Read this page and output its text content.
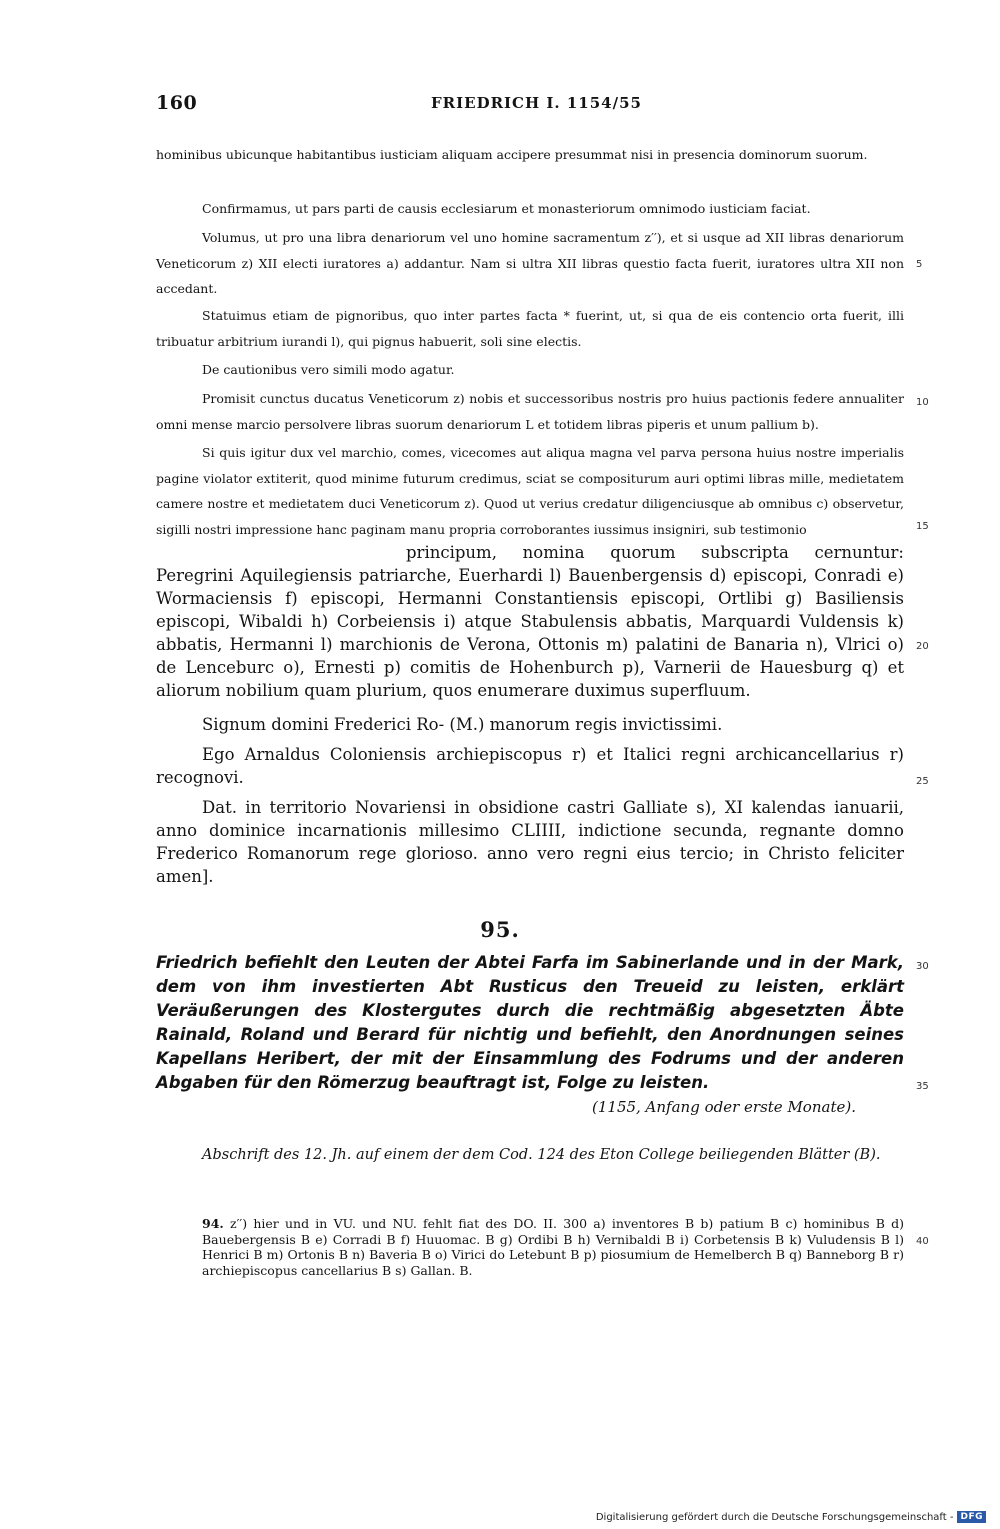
160	FRIEDRICH I. 1154/55

hominibus ubicunque habitantibus iusticiam aliquam accipere presummat nisi in presencia dominorum suorum.

Confirmamus, ut pars parti de causis ecclesiarum et monasteriorum omnimodo iusticiam faciat.

Volumus, ut pro una libra denariorum vel uno homine sacramentum z′′), et si usque ad XII libras denariorum Veneticorum z) XII electi iuratores a) addantur. Nam si ultra XII libras questio facta fuerit, iuratores ultra XII non accedant.

Statuimus etiam de pignoribus, quo inter partes facta * fuerint, ut, si qua de eis contencio orta fuerit, illi tribuatur arbitrium iurandi l), qui pignus habuerit, soli sine electis.

De cautionibus vero simili modo agatur.

Promisit cunctus ducatus Veneticorum z) nobis et successoribus nostris pro huius pactionis federe annualiter omni mense marcio persolvere libras suorum denariorum L et totidem libras piperis et unum pallium b).

Si quis igitur dux vel marchio, comes, vicecomes aut aliqua magna vel parva persona huius nostre imperialis pagine violator extiterit, quod minime futurum credimus, sciat se compositurum auri optimi libras mille, medietatem camere nostre et medietatem duci Veneticorum z). Quod ut verius credatur diligenciusque ab omnibus c) observetur, sigilli nostri impressione hanc paginam manu propria corroborantes iussimus insigniri, sub testimonio

principum, nomina quorum subscripta cernuntur: Peregrini Aquilegiensis patriarche, Euerhardi l) Bauenbergensis d) episcopi, Conradi e) Wormaciensis f) episcopi, Hermanni Constantiensis episcopi, Ortlibi g) Basiliensis episcopi, Wibaldi h) Corbeiensis i) atque Stabulensis abbatis, Marquardi Vuldensis k) abbatis, Hermanni l) marchionis de Verona, Ottonis m) palatini de Banaria n), Vlrici o) de Lenceburc o), Ernesti p) comitis de Hohenburch p), Varnerii de Hauesburg q) et aliorum nobilium quam plurium, quos enumerare duximus superfluum.

Signum domini Frederici Ro- (M.) manorum regis invictissimi.

Ego Arnaldus Coloniensis archiepiscopus r) et Italici regni archicancellarius r) recognovi.

Dat. in territorio Novariensi in obsidione castri Galliate s), XI kalendas ianuarii, anno dominice incarnationis millesimo CLIIII, indictione secunda, regnante domno Frederico Romanorum rege glorioso. anno vero regni eius tercio; in Christo feliciter amen].

5
10
15
20
25
30
35
40
95.

Friedrich befiehlt den Leuten der Abtei Farfa im Sabinerlande und in der Mark, dem von ihm investierten Abt Rusticus den Treueid zu leisten, erklärt Veräußerungen des Klostergutes durch die rechtmäßig abgesetzten Äbte Rainald, Roland und Berard für nichtig und befiehlt, den Anordnungen seines Kapellans Heribert, der mit der Einsammlung des Fodrums und der anderen Abgaben für den Römerzug beauftragt ist, Folge zu leisten.

(1155, Anfang oder erste Monate).

Abschrift des 12. Jh. auf einem der dem Cod. 124 des Eton College beiliegenden Blätter (B).

94. z′′) hier und in VU. und NU. fehlt fiat des DO. II. 300 a) inventores B b) patium B c) hominibus B d) Bauebergensis B e) Corradi B f) Huuomac. B g) Ordibi B h) Vernibaldi B i) Corbetensis B k) Vuludensis B l) Henrici B m) Ortonis B n) Baveria B o) Virici do Letebunt B p) piosumium de Hemelberch B q) Banneborg B r) archiepiscopus cancellarius B s) Gallan. B.

Digitalisierung gefördert durch die Deutsche Forschungsgemeinschaft - DFG
